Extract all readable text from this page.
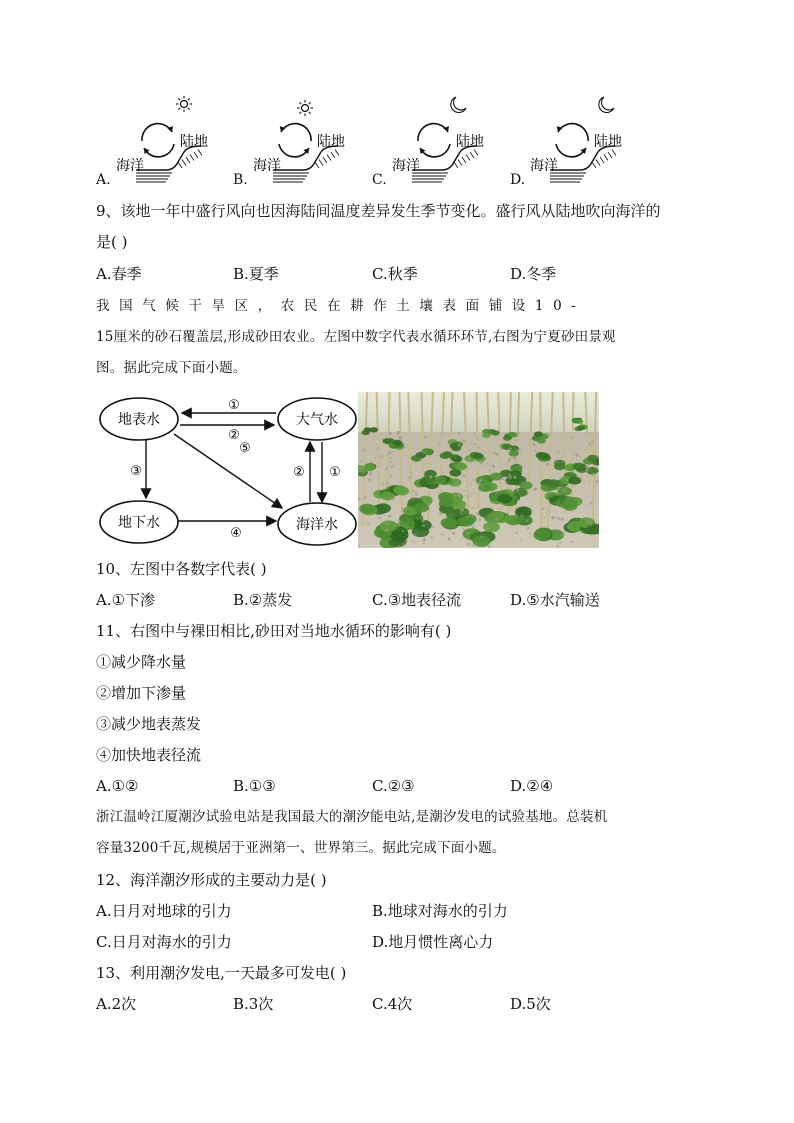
A.
陆地
海洋
B.
陆地
海洋
C.
陆地
海洋
D.
陆地
海洋
9、该地一年中盛行风向也因海陆间温度差异发生季节变化。盛行风从陆地吹向海洋的
是( )
A.春季	B.夏季	C.秋季	D.冬季
我国气候干旱区，农民在耕作土壤表面铺设10-
15厘米的砂石覆盖层,形成砂田农业。左图中数字代表水循环环节,右图为宁夏砂田景观
图。据此完成下面小题。
地表水	大气水
地下水	海洋水
①
②
③
⑤
④
② ①
10、左图中各数字代表( )
A.①下渗	B.②蒸发	C.③地表径流	D.⑤水汽输送
11、右图中与裸田相比,砂田对当地水循环的影响有( )
①减少降水量
②增加下渗量
③减少地表蒸发
④加快地表径流
A.①②	B.①③	C.②③	D.②④
浙江温岭江厦潮汐试验电站是我国最大的潮汐能电站,是潮汐发电的试验基地。总装机
容量3200千瓦,规模居于亚洲第一、世界第三。据此完成下面小题。
12、海洋潮汐形成的主要动力是( )
A.日月对地球的引力	B.地球对海水的引力
C.日月对海水的引力	D.地月惯性离心力
13、利用潮汐发电,一天最多可发电( )
A.2次	B.3次	C.4次	D.5次
